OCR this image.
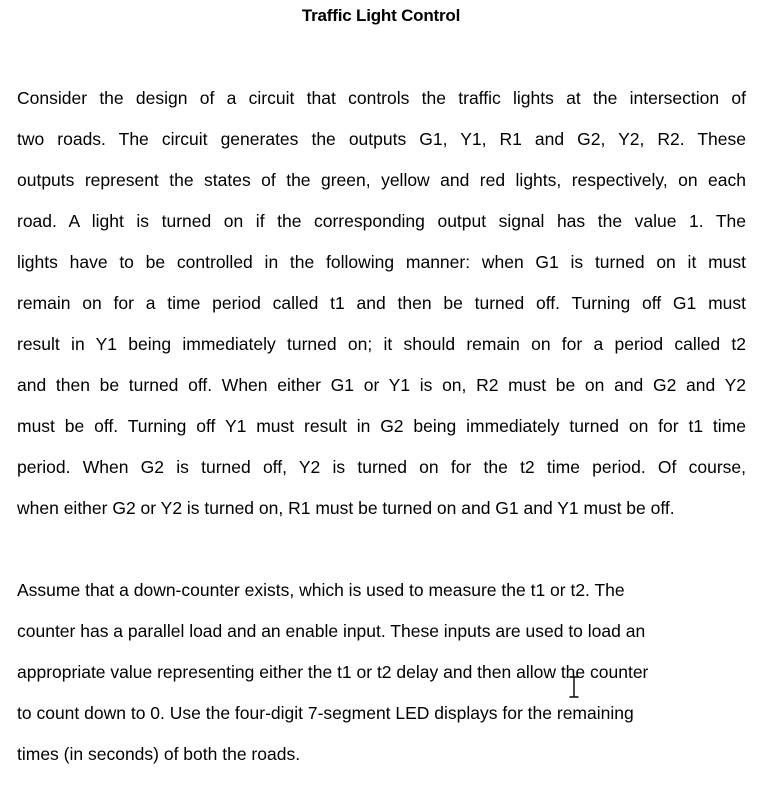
Traffic Light Control
Consider the design of a circuit that controls the traffic lights at the intersection of
two roads. The circuit generates the outputs G1, Y1, R1 and G2, Y2, R2. These
outputs represent the states of the green, yellow and red lights, respectively, on each
road. A light is turned on if the corresponding output signal has the value 1. The
lights have to be controlled in the following manner: when G1 is turned on it must
remain on for a time period called t1 and then be turned off. Turning off G1 must
result in Y1 being immediately turned on; it should remain on for a period called t2
and then be turned off. When either G1 or Y1 is on, R2 must be on and G2 and Y2
must be off. Turning off Y1 must result in G2 being immediately turned on for t1 time
period. When G2 is turned off, Y2 is turned on for the t2 time period. Of course,
when either G2 or Y2 is turned on, R1 must be turned on and G1 and Y1 must be off.
Assume that a down-counter exists, which is used to measure the t1 or t2. The
counter has a parallel load and an enable input. These inputs are used to load an
appropriate value representing either the t1 or t2 delay and then allow the counter
to count down to 0. Use the four-digit 7-segment LED displays for the remaining
times (in seconds) of both the roads.
